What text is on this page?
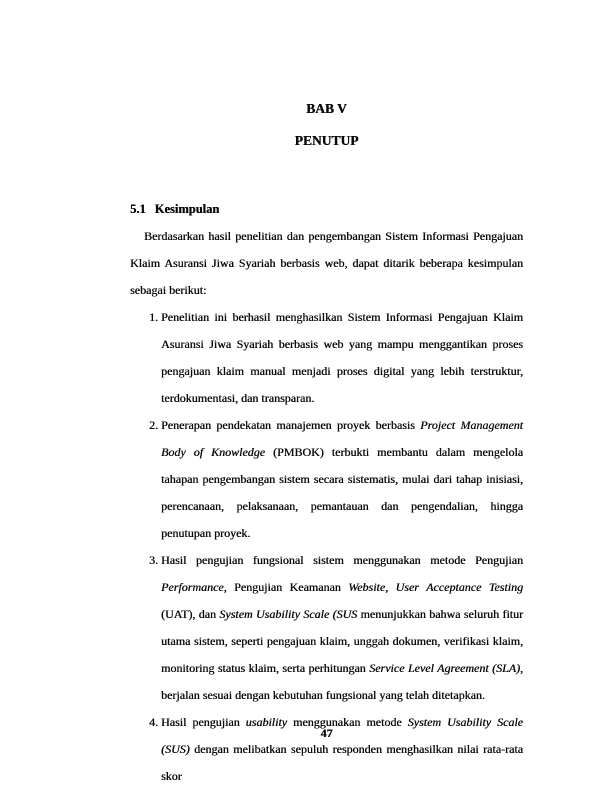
BAB V
PENUTUP
5.1 Kesimpulan

Berdasarkan hasil penelitian dan pengembangan Sistem Informasi Pengajuan Klaim Asuransi Jiwa Syariah berbasis web, dapat ditarik beberapa kesimpulan sebagai berikut:

1. Penelitian ini berhasil menghasilkan Sistem Informasi Pengajuan Klaim Asuransi Jiwa Syariah berbasis web yang mampu menggantikan proses pengajuan klaim manual menjadi proses digital yang lebih terstruktur, terdokumentasi, dan transparan.
2. Penerapan pendekatan manajemen proyek berbasis Project Management Body of Knowledge (PMBOK) terbukti membantu dalam mengelola tahapan pengembangan sistem secara sistematis, mulai dari tahap inisiasi, perencanaan, pelaksanaan, pemantauan dan pengendalian, hingga penutupan proyek.
3. Hasil pengujian fungsional sistem menggunakan metode Pengujian Performance, Pengujian Keamanan Website, User Acceptance Testing (UAT), dan System Usability Scale (SUS menunjukkan bahwa seluruh fitur utama sistem, seperti pengajuan klaim, unggah dokumen, verifikasi klaim, monitoring status klaim, serta perhitungan Service Level Agreement (SLA), berjalan sesuai dengan kebutuhan fungsional yang telah ditetapkan.
4. Hasil pengujian usability menggunakan metode System Usability Scale (SUS) dengan melibatkan sepuluh responden menghasilkan nilai rata-rata skor
47
